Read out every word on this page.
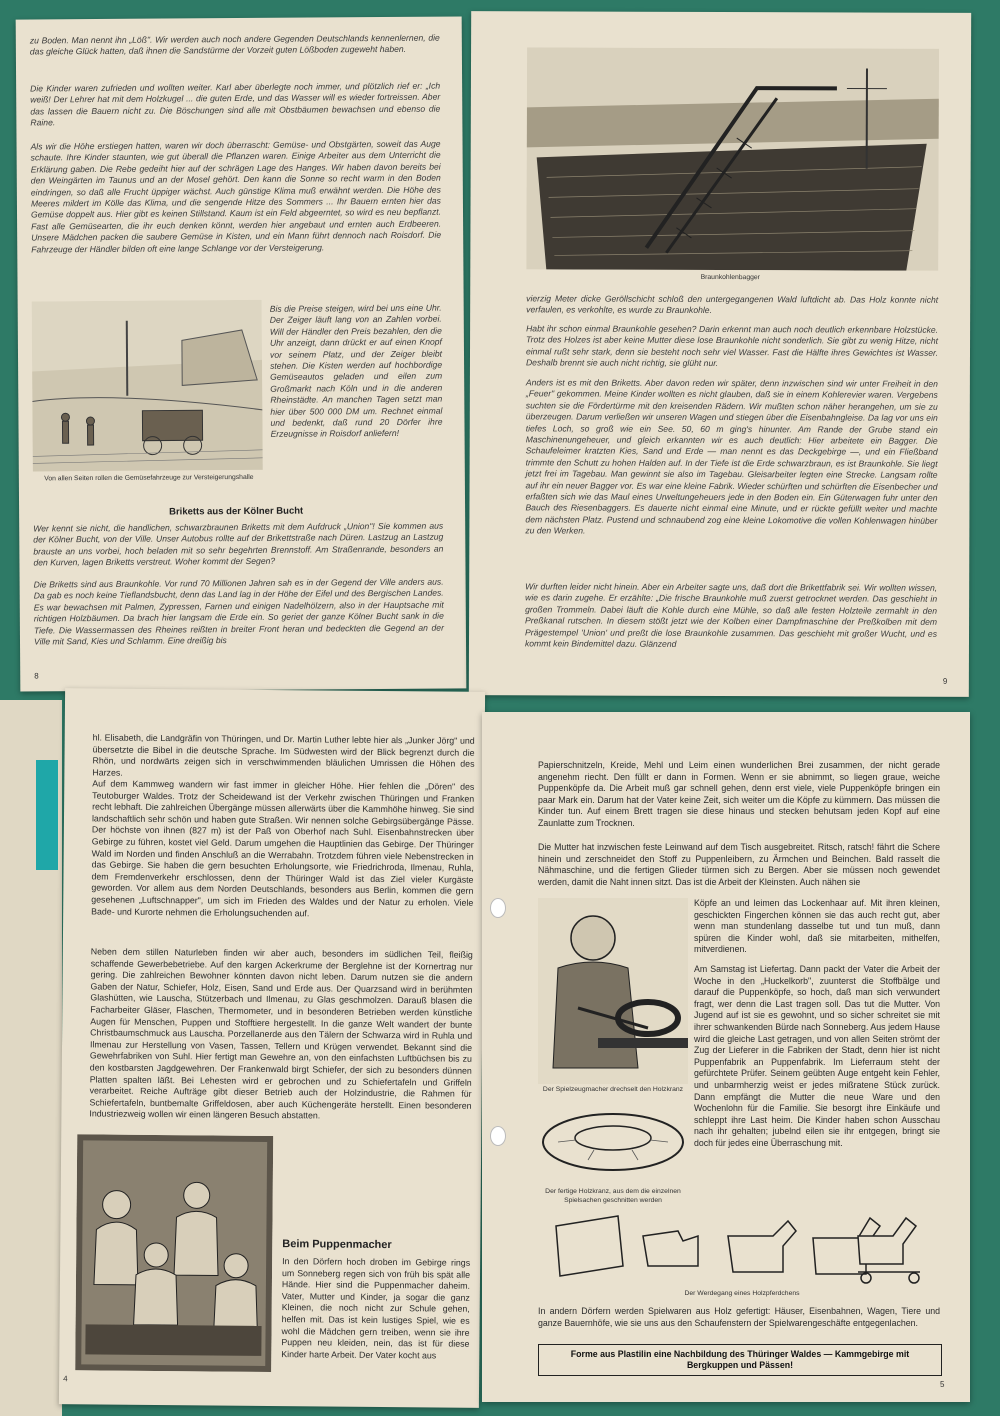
zu Boden. Man nennt ihn „Löß". Wir werden auch noch andere Gegenden Deutschlands kennenlernen, die das gleiche Glück hatten, daß ihnen die Sandstürme der Vorzeit guten Lößboden zugeweht haben.

Die Kinder waren zufrieden und wollten weiter. Karl aber überlegte noch immer, und plötzlich rief er: „Ich weiß! Der Lehrer hat mit dem Holzkugel ... die guten Erde, und das Wasser will es wieder fortreissen. Aber das lassen die Bauern nicht zu. Die Böschungen sind alle mit Obstbäumen bewachsen und ebenso die Raine.

Als wir die Höhe erstiegen hatten, waren wir doch überrascht: Gemüse- und Obstgärten, soweit das Auge schaute. Ihre Kinder staunten, wie gut überall die Pflanzen waren. Einige Arbeiter aus dem Unterricht die Erklärung gaben. Die Rebe gedeiht hier auf der schrägen Lage des Hanges. Wir haben davon bereits bei den Weingärten im Taunus und an der Mosel gehört. Den kann die Sonne so recht warm in den Boden eindringen, so daß alle Frucht üppiger wächst. Auch günstige Klima muß erwähnt werden. Die Höhe des Meeres mildert im Kölle das Klima, und die sengende Hitze des Sommers ... Ihr Bauern ernten hier das Gemüse doppelt aus. Hier gibt es keinen Stillstand. Kaum ist ein Feld abgeerntet, so wird es neu bepflanzt. Fast alle Gemüsearten, die ihr euch denken könnt, werden hier angebaut und ernten auch Erdbeeren. Unsere Mädchen packen die saubere Gemüse in Kisten, und ein Mann führt dennoch nach Roisdorf. Die Fahrzeuge der Händler bilden oft eine lange Schlange vor der Versteigerung.

Von allen Seiten rollen die Gemüsefahrzeuge zur Versteigerungshalle

Bis die Preise steigen, wird bei uns eine Uhr. Der Zeiger läuft lang von an Zahlen vorbei. Will der Händler den Preis bezahlen, den die Uhr anzeigt, dann drückt er auf einen Knopf vor seinem Platz, und der Zeiger bleibt stehen. Die Kisten werden auf hochbordige Gemüseautos geladen und eilen zum Großmarkt nach Köln und in die anderen Rheinstädte. An manchen Tagen setzt man hier über 500 000 DM um. Rechnet einmal und bedenkt, daß rund 20 Dörfer ihre Erzeugnisse in Roisdorf anliefern!

Briketts aus der Kölner Bucht

Wer kennt sie nicht, die handlichen, schwarzbraunen Briketts mit dem Aufdruck „Union"! Sie kommen aus der Kölner Bucht, von der Ville. Unser Autobus rollte auf der Brikettstraße nach Düren. Lastzug an Lastzug brauste an uns vorbei, hoch beladen mit so sehr begehrten Brennstoff. Am Straßenrande, besonders an den Kurven, lagen Briketts verstreut. Woher kommt der Segen?

Die Briketts sind aus Braunkohle. Vor rund 70 Millionen Jahren sah es in der Gegend der Ville anders aus. Da gab es noch keine Tieflandsbucht, denn das Land lag in der Höhe der Eifel und des Bergischen Landes. Es war bewachsen mit Palmen, Zypressen, Farnen und einigen Nadelhölzern, also in der Hauptsache mit richtigen Holzbäumen. Da brach hier langsam die Erde ein. So geriet der ganze Kölner Bucht sank in die Tiefe. Die Wassermassen des Rheines reißten in breiter Front heran und bedeckten die Gegend an der Ville mit Sand, Kies und Schlamm. Eine dreißig bis

8

Braunkohlenbagger

vierzig Meter dicke Geröllschicht schloß den untergegangenen Wald luftdicht ab. Das Holz konnte nicht verfaulen, es verkohlte, es wurde zu Braunkohle.

Habt ihr schon einmal Braunkohle gesehen? Darin erkennt man auch noch deutlich erkennbare Holzstücke. Trotz des Holzes ist aber keine Mutter diese lose Braunkohle nicht sonderlich. Sie gibt zu wenig Hitze, nicht einmal rußt sehr stark, denn sie besteht noch sehr viel Wasser. Fast die Hälfte ihres Gewichtes ist Wasser. Deshalb brennt sie auch nicht richtig, sie glüht nur.

Anders ist es mit den Briketts. Aber davon reden wir später, denn inzwischen sind wir unter Freiheit in den „Feuer" gekommen. Meine Kinder wollten es nicht glauben, daß sie in einem Kohlerevier waren. Vergebens suchten sie die Fördertürme mit den kreisenden Rädern. Wir mußten schon näher herangehen, um sie zu überzeugen. Darum verließen wir unseren Wagen und stiegen über die Eisenbahngleise. Da lag vor uns ein tiefes Loch, so groß wie ein See. 50, 60 m ging's hinunter. Am Rande der Grube stand ein Maschinenungeheuer, und gleich erkannten wir es auch deutlich: Hier arbeitete ein Bagger. Die Schaufeleimer kratzten Kies, Sand und Erde — man nennt es das Deckgebirge —, und ein Fließband trimmte den Schutt zu hohen Halden auf. In der Tiefe ist die Erde schwarzbraun, es ist Braunkohle. Sie liegt jetzt frei im Tagebau. Man gewinnt sie also im Tagebau. Gleisarbeiter legten eine Strecke. Langsam rollte auf ihr ein neuer Bagger vor. Es war eine kleine Fabrik. Wieder schürften und schürften die Eisenbecher und erfaßten sich wie das Maul eines Urweltungeheuers jede in den Boden ein. Ein Güterwagen fuhr unter den Bauch des Riesenbaggers. Es dauerte nicht einmal eine Minute, und er rückte gefüllt weiter und machte dem nächsten Platz. Pustend und schnaubend zog eine kleine Lokomotive die vollen Kohlenwagen hinüber zu den Werken.

Wir durften leider nicht hinein. Aber ein Arbeiter sagte uns, daß dort die Brikettfabrik sei. Wir wollten wissen, wie es darin zugehe. Er erzählte: „Die frische Braunkohle muß zuerst getrocknet werden. Das geschieht in großen Trommeln. Dabei läuft die Kohle durch eine Mühle, so daß alle festen Holzteile zermahlt in den Preßkanal rutschen. In diesem stößt jetzt wie der Kolben einer Dampfmaschine der Preßkolben mit dem Prägestempel 'Union' und preßt die lose Braunkohle zusammen. Das geschieht mit großer Wucht, und es kommt kein Bindemittel dazu. Glänzend

9

hl. Elisabeth, die Landgräfin von Thüringen, und Dr. Martin Luther lebte hier als „Junker Jörg" und übersetzte die Bibel in die deutsche Sprache. Im Südwesten wird der Blick begrenzt durch die Rhön, und nordwärts zeigen sich in verschwimmenden bläulichen Umrissen die Höhen des Harzes.

Auf dem Kammweg wandern wir fast immer in gleicher Höhe. Hier fehlen die „Dören" des Teutoburger Waldes. Trotz der Scheidewand ist der Verkehr zwischen Thüringen und Franken recht lebhaft. Die zahlreichen Übergänge müssen allerwärts über die Kammhöhe hinweg. Sie sind landschaftlich sehr schön und haben gute Straßen. Wir nennen solche Gebirgsübergänge Pässe. Der höchste von ihnen (827 m) ist der Paß von Oberhof nach Suhl. Eisenbahnstrecken über Gebirge zu führen, kostet viel Geld. Darum umgehen die Hauptlinien das Gebirge. Der Thüringer Wald im Norden und finden Anschluß an die Werrabahn. Trotzdem führen viele Nebenstrecken in das Gebirge. Sie haben die gern besuchten Erholungsorte, wie Friedrichroda, Ilmenau, Ruhla, dem Fremdenverkehr erschlossen, denn der Thüringer Wald ist das Ziel vieler Kurgäste geworden. Vor allem aus dem Norden Deutschlands, besonders aus Berlin, kommen die gern gesehenen „Luftschnapper", um sich im Frieden des Waldes und der Natur zu erholen. Viele Bade- und Kurorte nehmen die Erholungsuchenden auf.

Neben dem stillen Naturleben finden wir aber auch, besonders im südlichen Teil, fleißig schaffende Gewerbebetriebe. Auf den kargen Ackerkrume der Berglehne ist der Kornertrag nur gering. Die zahlreichen Bewohner könnten davon nicht leben. Darum nutzen sie die andern Gaben der Natur, Schiefer, Holz, Eisen, Sand und Erde aus. Der Quarzsand wird in berühmten Glashütten, wie Lauscha, Stützerbach und Ilmenau, zu Glas geschmolzen. Darauß blasen die Facharbeiter Gläser, Flaschen, Thermometer, und in besonderen Betrieben werden künstliche Augen für Menschen, Puppen und Stofftiere hergestellt. In die ganze Welt wandert der bunte Christbaumschmuck aus Lauscha. Porzellanerde aus den Tälern der Schwarza wird in Ruhla und Ilmenau zur Herstellung von Vasen, Tassen, Tellern und Krügen verwendet. Bekannt sind die Gewehrfabriken von Suhl. Hier fertigt man Gewehre an, von den einfachsten Luftbüchsen bis zu den kostbarsten Jagdgewehren. Der Frankenwald birgt Schiefer, der sich zu besonders dünnen Platten spalten läßt. Bei Lehesten wird er gebrochen und zu Schiefertafeln und Griffeln verarbeitet. Reiche Aufträge gibt dieser Betrieb auch der Holzindustrie, die Rahmen für Schiefertafeln, buntbemalte Griffeldosen, aber auch Küchengeräte herstellt. Einen besonderen Industriezweig wollen wir einen längeren Besuch abstatten.

Beim Puppenmacher

In den Dörfern hoch droben im Gebirge rings um Sonneberg regen sich von früh bis spät alle Hände. Hier sind die Puppenmacher daheim. Vater, Mutter und Kinder, ja sogar die ganz Kleinen, die noch nicht zur Schule gehen, helfen mit. Das ist kein lustiges Spiel, wie es wohl die Mädchen gern treiben, wenn sie ihre Puppen neu kleiden, nein, das ist für diese Kinder harte Arbeit. Der Vater kocht aus

4

Papierschnitzeln, Kreide, Mehl und Leim einen wunderlichen Brei zusammen, der nicht gerade angenehm riecht. Den füllt er dann in Formen. Wenn er sie abnimmt, so liegen graue, weiche Puppenköpfe da. Die Arbeit muß gar schnell gehen, denn erst viele, viele Puppenköpfe bringen ein paar Mark ein. Darum hat der Vater keine Zeit, sich weiter um die Köpfe zu kümmern. Das müssen die Kinder tun. Auf einem Brett tragen sie diese hinaus und stecken behutsam jeden Kopf auf eine Zaunlatte zum Trocknen.

Die Mutter hat inzwischen feste Leinwand auf dem Tisch ausgebreitet. Ritsch, ratsch! fährt die Schere hinein und zerschneidet den Stoff zu Puppenleibern, zu Ärmchen und Beinchen. Bald rasselt die Nähmaschine, und die fertigen Glieder türmen sich zu Bergen. Aber sie müssen noch gewendet werden, damit die Naht innen sitzt. Das ist die Arbeit der Kleinsten. Auch nähen sie

Der Spielzeugmacher drechselt den Holzkranz

Köpfe an und leimen das Lockenhaar auf. Mit ihren kleinen, geschickten Fingerchen können sie das auch recht gut, aber wenn man stundenlang dasselbe tut und tun muß, dann spüren die Kinder wohl, daß sie mitarbeiten, mithelfen, mitverdienen.

Am Samstag ist Liefertag. Dann packt der Vater die Arbeit der Woche in den „Huckelkorb", zuunterst die Stoffbälge und darauf die Puppenköpfe, so hoch, daß man sich verwundert fragt, wer denn die Last tragen soll. Das tut die Mutter. Von Jugend auf ist sie es gewohnt, und so sicher schreitet sie mit ihrer schwankenden Bürde nach Sonneberg. Aus jedem Hause wird die gleiche Last getragen, und von allen Seiten strömt der Zug der Lieferer in die Fabriken der Stadt, denn hier ist nicht Puppenfabrik an Puppenfabrik. Im Lieferraum steht der gefürchtete Prüfer. Seinem geübten Auge entgeht kein Fehler, und unbarmherzig weist er jedes mißratene Stück zurück. Dann empfängt die Mutter die neue Ware und den Wochenlohn für die Familie. Sie besorgt ihre Einkäufe und schleppt ihre Last heim. Die Kinder haben schon Ausschau nach ihr gehalten; jubelnd eilen sie ihr entgegen, bringt sie doch für jedes eine Überraschung mit.

Der fertige Holzkranz, aus dem die einzelnen Spielsachen geschnitten werden

Der Werdegang eines Holzpferdchens

In andern Dörfern werden Spielwaren aus Holz gefertigt: Häuser, Eisenbahnen, Wagen, Tiere und ganze Bauernhöfe, wie sie uns aus den Schaufenstern der Spielwarengeschäfte entgegenlachen.

Forme aus Plastilin eine Nachbildung des Thüringer Waldes — Kammgebirge mit Bergkuppen und Pässen!
5
